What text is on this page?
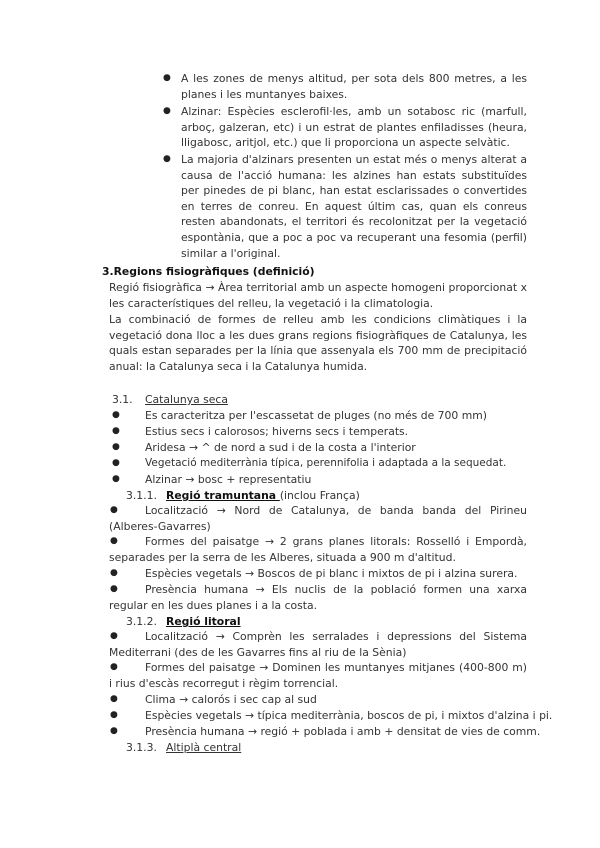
● A les zones de menys altitud, per sota dels 800 metres, a les planes i les muntanyes baixes.
● Alzinar: Espècies esclerofil·les, amb un sotabosc ric (marfull, arboç, galzeran, etc) i un estrat de plantes enfiladisses (heura, lligabosc, aritjol, etc.) que li proporciona un aspecte selvàtic.
● La majoria d'alzinars presenten un estat més o menys alterat a causa de l'acció humana: les alzines han estats substituïdes per pinedes de pi blanc, han estat esclarissades o convertides en terres de conreu. En aquest últim cas, quan els conreus resten abandonats, el territori és recolonitzat per la vegetació espontània, que a poc a poc va recuperant una fesomia (perfil) similar a l'original.
3.Regions fisiogràfiques (definició)
Regió fisiogràfica → Àrea territorial amb un aspecte homogeni proporcionat x les característiques del relleu, la vegetació i la climatologia.
La combinació de formes de relleu amb les condicions climàtiques i la vegetació dona lloc a les dues grans regions fisiogràfiques de Catalunya, les quals estan separades per la línia que assenyala els 700 mm de precipitació anual: la Catalunya seca i la Catalunya humida.
3.1. Catalunya seca
● Es caracteritza per l'escassetat de pluges (no més de 700 mm)
● Estius secs i calorosos; hiverns secs i temperats.
● Aridesa → ^ de nord a sud i de la costa a l'interior
● Vegetació mediterrània típica, perennifolia i adaptada a la sequedat.
● Alzinar → bosc + representatiu
3.1.1. Regió tramuntana (inclou França)
●	Localització → Nord de Catalunya, de banda banda del Pirineu (Alberes-Gavarres)
●	Formes del paisatge → 2 grans planes litorals: Rosselló i Empordà, separades per la serra de les Alberes, situada a 900 m d'altitud.
●	Espècies vegetals → Boscos de pi blanc i mixtos de pi i alzina surera.
●	Presència humana → Els nuclis de la població formen una xarxa regular en les dues planes i a la costa.
3.1.2. Regió litoral
●	Localització → Comprèn les serralades i depressions del Sistema Mediterrani (des de les Gavarres fins al riu de la Sènia)
●	Formes del paisatge → Dominen les muntanyes mitjanes (400-800 m) i rius d'escàs recorregut i règim torrencial.
●	Clima → calorós i sec cap al sud
●	Espècies vegetals → típica mediterrània, boscos de pi, i mixtos d'alzina i pi.
●	Presència humana → regió + poblada i amb + densitat de vies de comm.
3.1.3. Altiplà central
